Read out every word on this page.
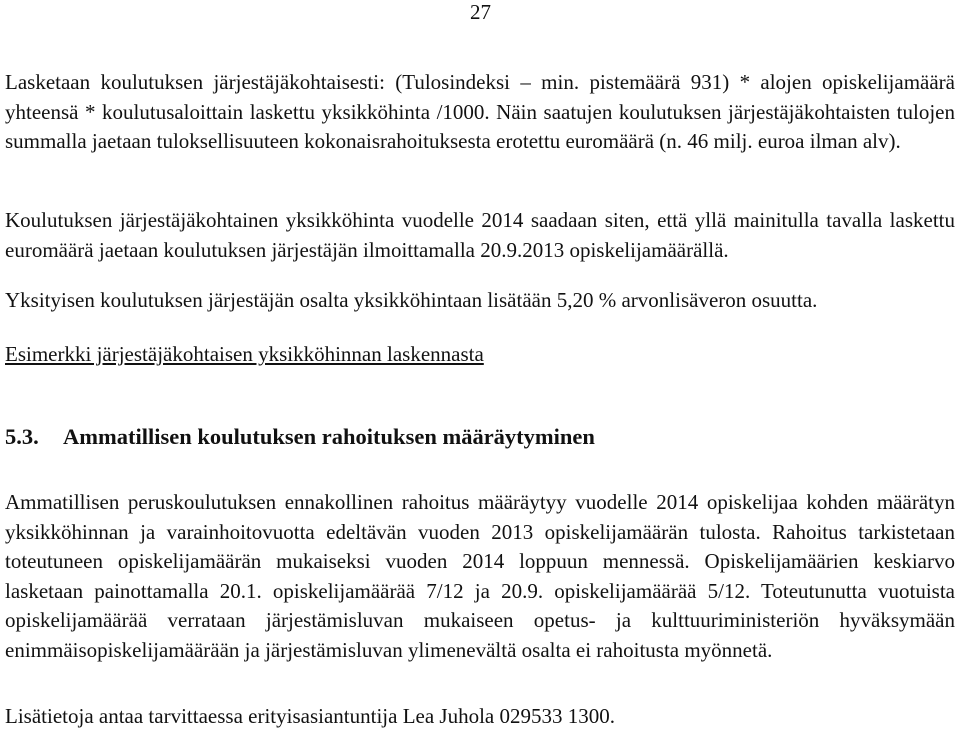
27

Lasketaan koulutuksen järjestäjäkohtaisesti: (Tulosindeksi – min. pistemäärä 931) * alojen opiskelijamäärä yhteensä * koulutusaloittain laskettu yksikköhinta /1000. Näin saatujen koulutuksen järjestäjäkohtaisten tulojen summalla jaetaan tuloksellisuuteen kokonaisrahoituksesta erotettu euromäärä (n. 46 milj. euroa ilman alv).

Koulutuksen järjestäjäkohtainen yksikköhinta vuodelle 2014 saadaan siten, että yllä mainitulla tavalla laskettu euromäärä jaetaan koulutuksen järjestäjän ilmoittamalla 20.9.2013 opiskelijamäärällä.

Yksityisen koulutuksen järjestäjän osalta yksikköhintaan lisätään 5,20 % arvonlisäveron osuutta.

Esimerkki järjestäjäkohtaisen yksikköhinnan laskennasta
5.3. Ammatillisen koulutuksen rahoituksen määräytyminen

Ammatillisen peruskoulutuksen ennakollinen rahoitus määräytyy vuodelle 2014 opiskelijaa kohden määrätyn yksikköhinnan ja varainhoitovuotta edeltävän vuoden 2013 opiskelijamäärän tulosta. Rahoitus tarkistetaan toteutuneen opiskelijamäärän mukaiseksi vuoden 2014 loppuun mennessä. Opiskelijamäärien keskiarvo lasketaan painottamalla 20.1. opiskelijamäärää 7/12 ja 20.9. opiskelijamäärää 5/12. Toteutunutta vuotuista opiskelijamäärää verrataan järjestämisluvan mukaiseen opetus- ja kulttuuriministeriön hyväksymään enimmäisopiskelijamäärään ja järjestämisluvan ylimenevältä osalta ei rahoitusta myönnetä.

Lisätietoja antaa tarvittaessa erityisasiantuntija Lea Juhola 029533 1300.
